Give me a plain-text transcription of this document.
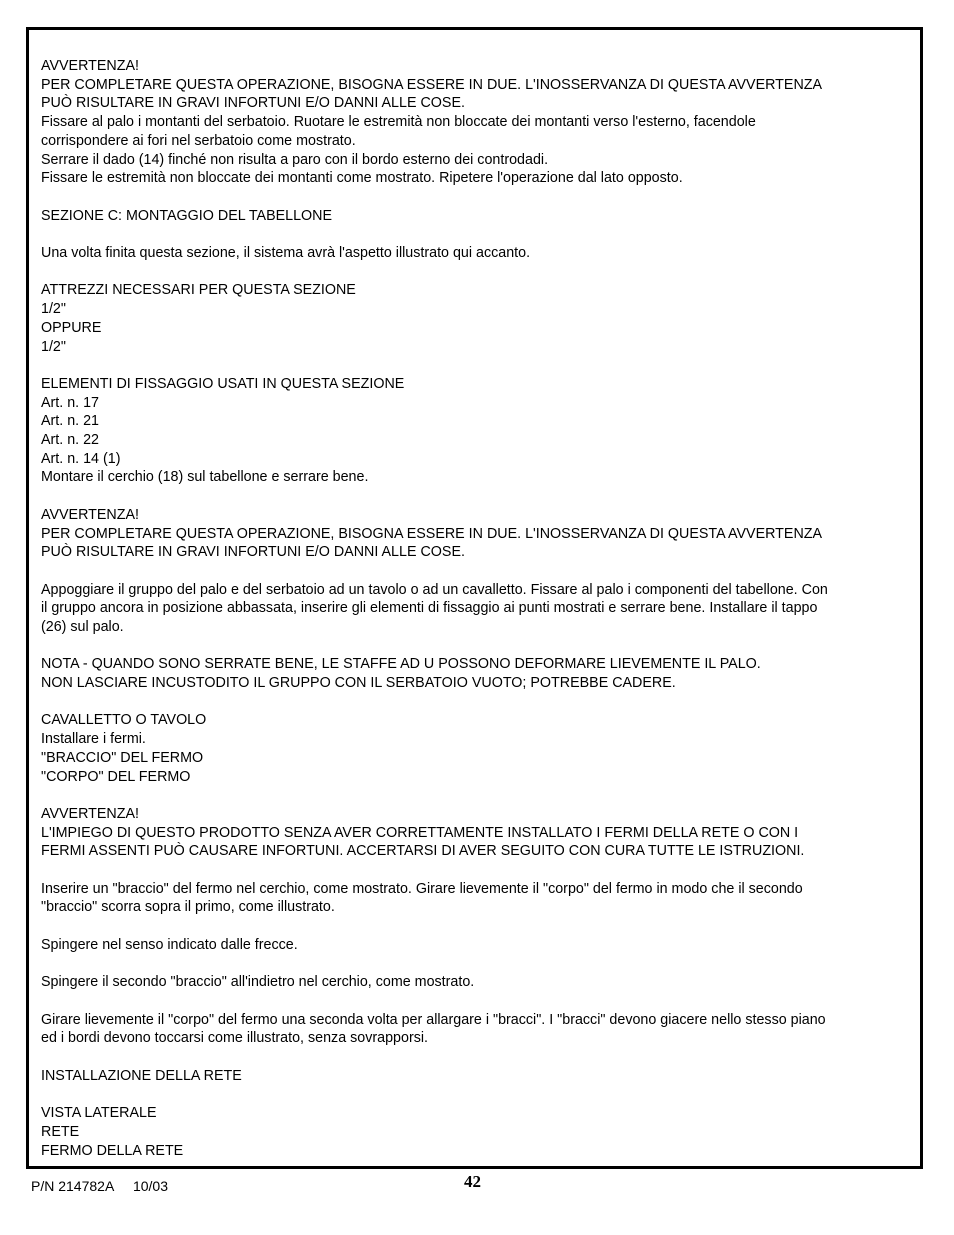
AVVERTENZA!
PER COMPLETARE QUESTA OPERAZIONE, BISOGNA ESSERE IN DUE. L'INOSSERVANZA DI QUESTA AVVERTENZA
PUÒ RISULTARE IN GRAVI INFORTUNI E/O DANNI ALLE COSE.
Fissare al palo i montanti del serbatoio. Ruotare le estremità non bloccate dei montanti verso l'esterno, facendole
corrispondere ai fori nel serbatoio come mostrato.
Serrare il dado (14) finché non risulta a paro con il bordo esterno dei controdadi.
Fissare le estremità non bloccate dei montanti come mostrato. Ripetere l'operazione dal lato opposto.
SEZIONE C: MONTAGGIO DEL TABELLONE
Una volta finita questa sezione, il sistema avrà l'aspetto illustrato qui accanto.
ATTREZZI NECESSARI PER QUESTA SEZIONE
1/2"
OPPURE
1/2"
ELEMENTI DI FISSAGGIO USATI IN QUESTA SEZIONE
Art. n. 17
Art. n. 21
Art. n. 22
Art. n. 14 (1)
Montare il cerchio (18) sul tabellone e serrare bene.
AVVERTENZA!
PER COMPLETARE QUESTA OPERAZIONE, BISOGNA ESSERE IN DUE. L'INOSSERVANZA DI QUESTA AVVERTENZA
PUÒ RISULTARE IN GRAVI INFORTUNI E/O DANNI ALLE COSE.
Appoggiare il gruppo del palo e del serbatoio ad un tavolo o ad un cavalletto. Fissare al palo i componenti del tabellone. Con
il gruppo ancora in posizione abbassata, inserire gli elementi di fissaggio ai punti mostrati e serrare bene. Installare il tappo
(26) sul palo.
NOTA - QUANDO SONO SERRATE BENE, LE STAFFE AD U POSSONO DEFORMARE LIEVEMENTE IL PALO.
NON LASCIARE INCUSTODITO IL GRUPPO CON IL SERBATOIO VUOTO; POTREBBE CADERE.
CAVALLETTO O TAVOLO
Installare i fermi.
"BRACCIO" DEL FERMO
"CORPO" DEL FERMO
AVVERTENZA!
L'IMPIEGO DI QUESTO PRODOTTO SENZA AVER CORRETTAMENTE INSTALLATO I FERMI DELLA RETE O CON I
FERMI ASSENTI PUÒ CAUSARE INFORTUNI. ACCERTARSI DI AVER SEGUITO CON CURA TUTTE LE ISTRUZIONI.
Inserire un "braccio" del fermo nel cerchio, come mostrato. Girare lievemente il "corpo" del fermo in modo che il secondo
"braccio" scorra sopra il primo, come illustrato.
Spingere nel senso indicato dalle frecce.
Spingere il secondo "braccio" all'indietro nel cerchio, come mostrato.
Girare lievemente il "corpo" del fermo una seconda volta per allargare i "bracci". I "bracci" devono giacere nello stesso piano
ed i bordi devono toccarsi come illustrato, senza sovrapporsi.
INSTALLAZIONE DELLA RETE
VISTA LATERALE
RETE
FERMO DELLA RETE
P/N 214782A 10/03	42
